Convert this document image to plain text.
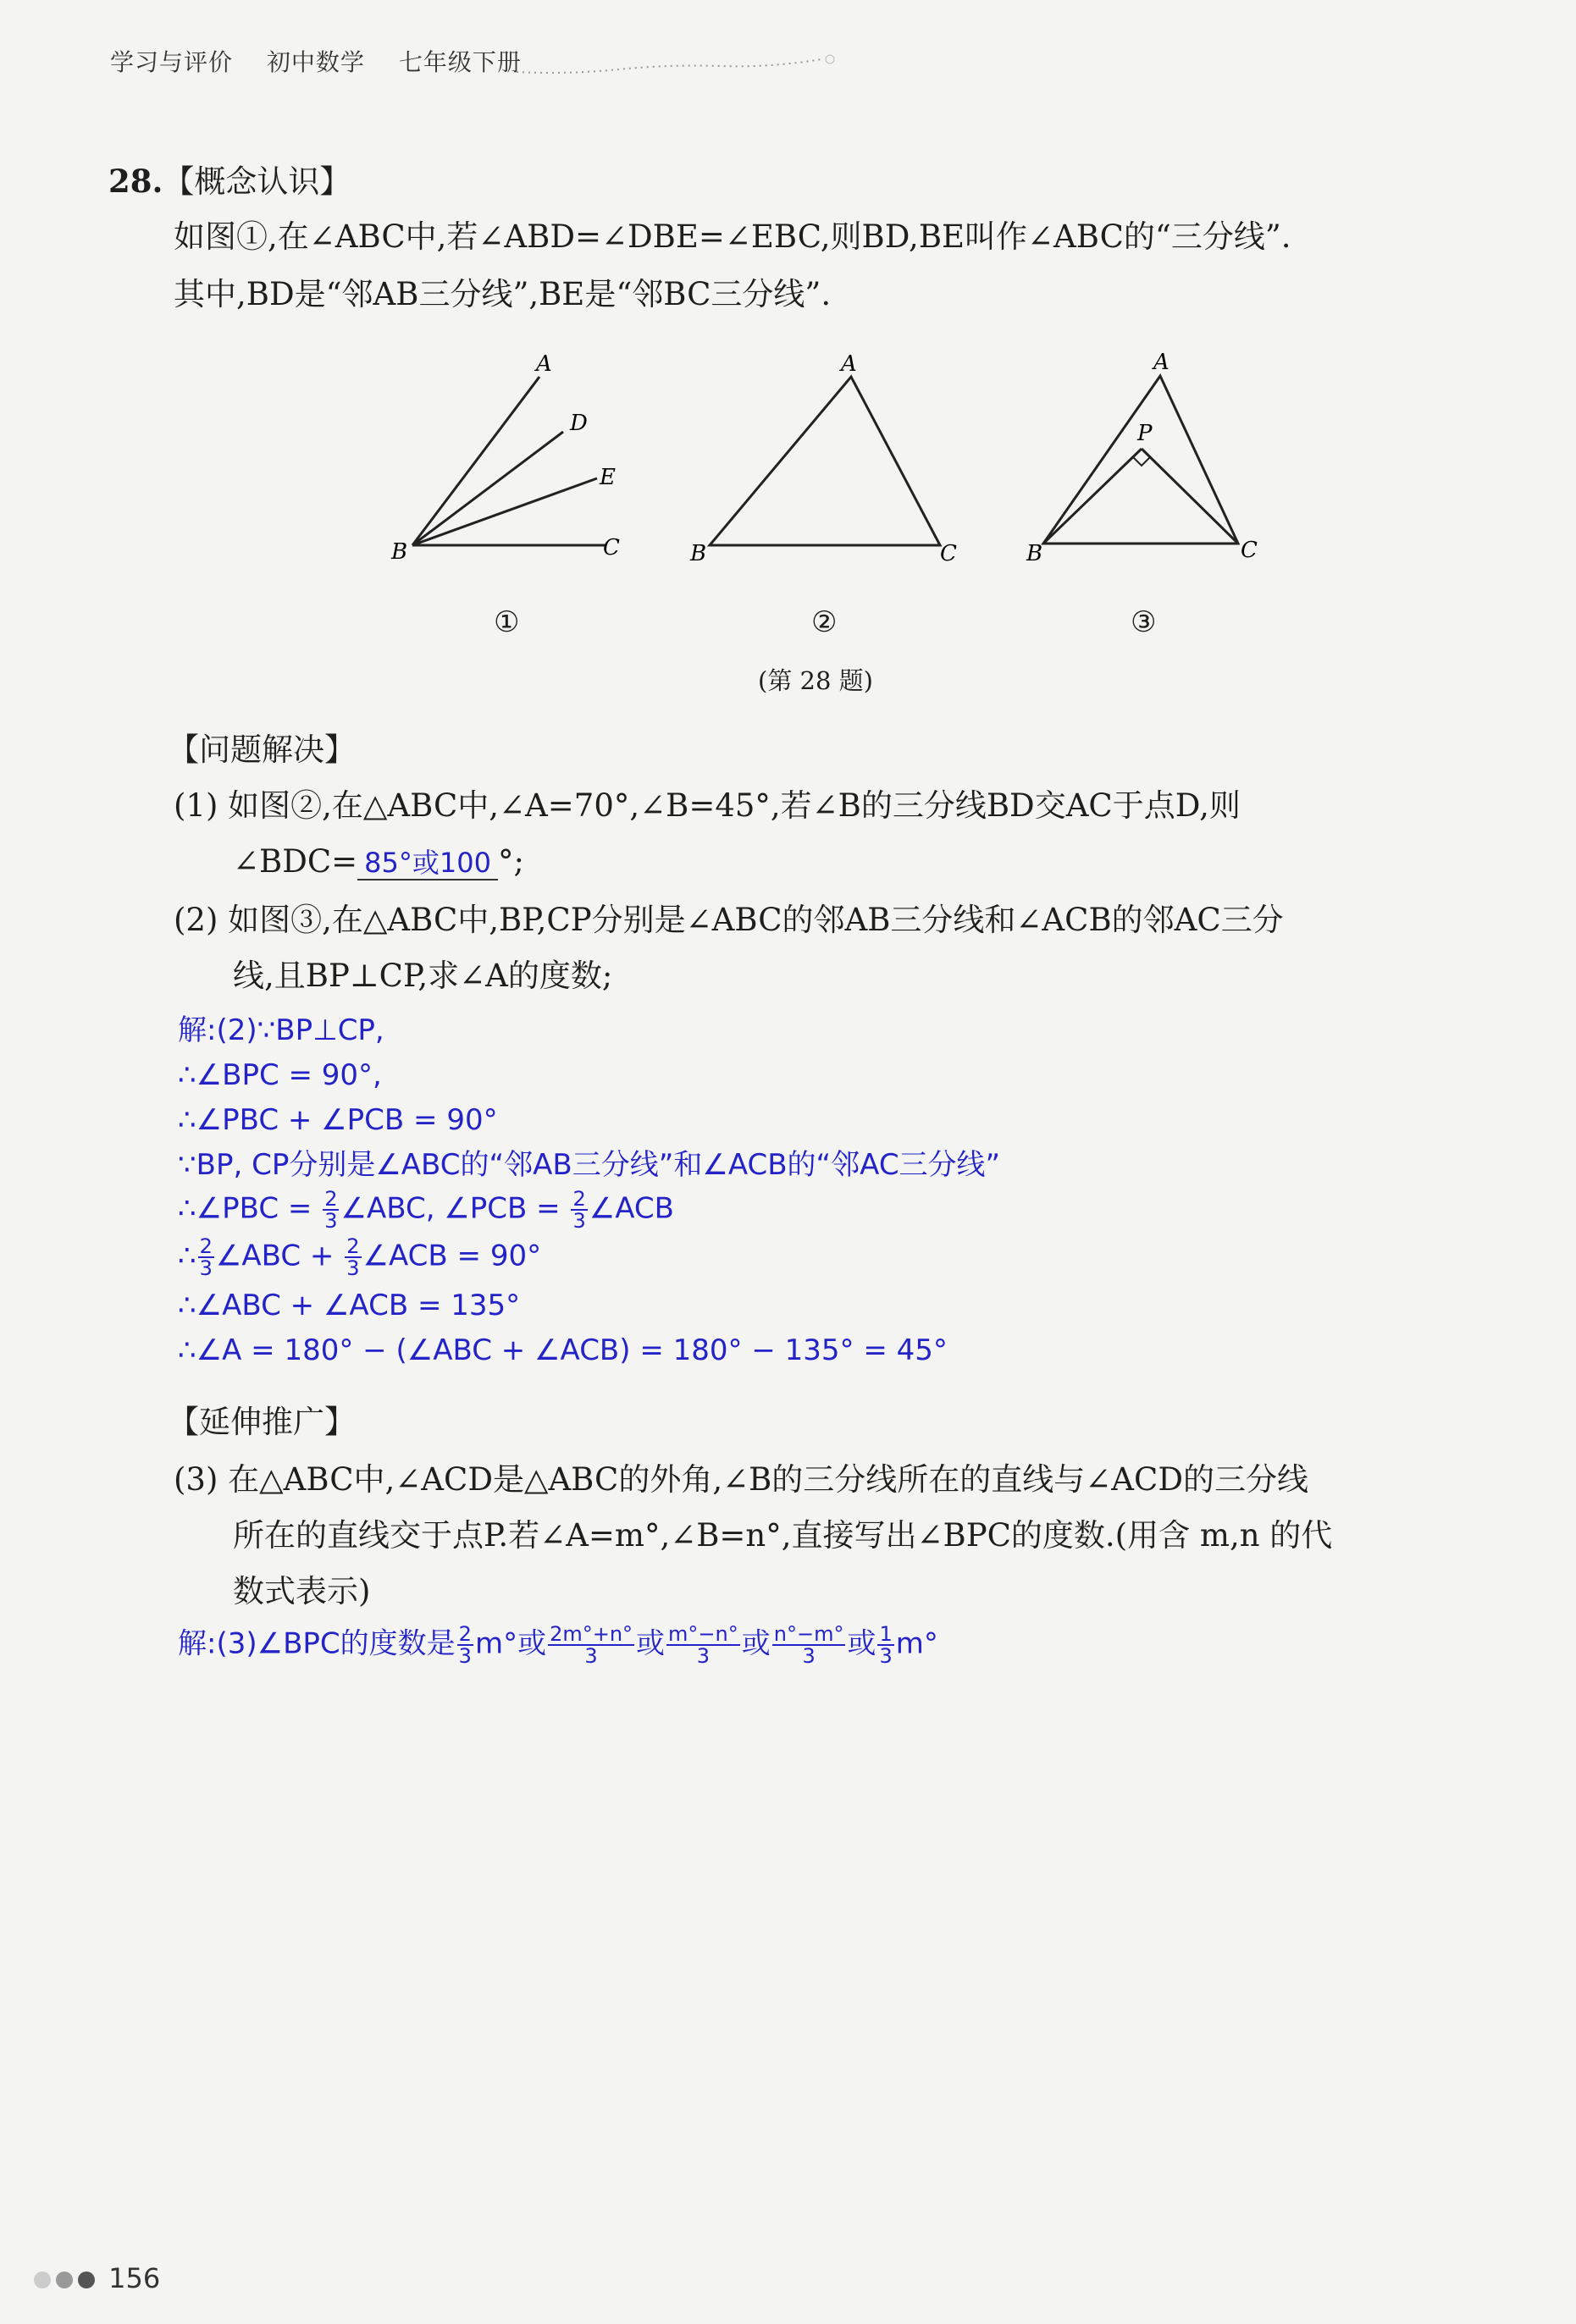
学习与评价 初中数学 七年级下册
28.【概念认识】
如图①,在∠ABC中,若∠ABD=∠DBE=∠EBC,则BD,BE叫作∠ABC的“三分线”.
其中,BD是“邻AB三分线”,BE是“邻BC三分线”.
A
D
E
B	C
A
B	C
A
P
B	C
①	②	③
(第 28 题)
【问题解决】
(1) 如图②,在△ABC中,∠A=70°,∠B=45°,若∠B的三分线BD交AC于点D,则
∠BDC= 85°或100 °;
(2) 如图③,在△ABC中,BP,CP分别是∠ABC的邻AB三分线和∠ACB的邻AC三分
线,且BP⊥CP,求∠A的度数;
解:(2)∵BP⊥CP,
∴∠BPC = 90°,
∴∠PBC + ∠PCB = 90°
∵BP, CP分别是∠ABC的“邻AB三分线”和∠ACB的“邻AC三分线”
∴∠PBC = $\frac{2}{3}$ ∠ABC, ∠PCB = $\frac{2}{3}$ ∠ACB
∴ $\frac{2}{3}$ ∠ABC + $\frac{2}{3}$ ∠ACB = 90°
∴∠ABC + ∠ACB = 135°
∴∠A = 180° − (∠ABC + ∠ACB) = 180° − 135° = 45°
【延伸推广】
(3) 在△ABC中,∠ACD是△ABC的外角,∠B的三分线所在的直线与∠ACD的三分线
所在的直线交于点P.若∠A=m°,∠B=n°,直接写出∠BPC的度数.(用含 m,n 的代
数式表示)
解:(3)∠BPC的度数是 $\frac{2}{3} m^\circ$或 $\frac{2m^\circ+n^\circ}{3}$ 或 $\frac{m^\circ-n^\circ}{3}$ 或 $\frac{n^\circ-m^\circ}{3}$ 或 $\frac{1}{3} m^\circ$
156
